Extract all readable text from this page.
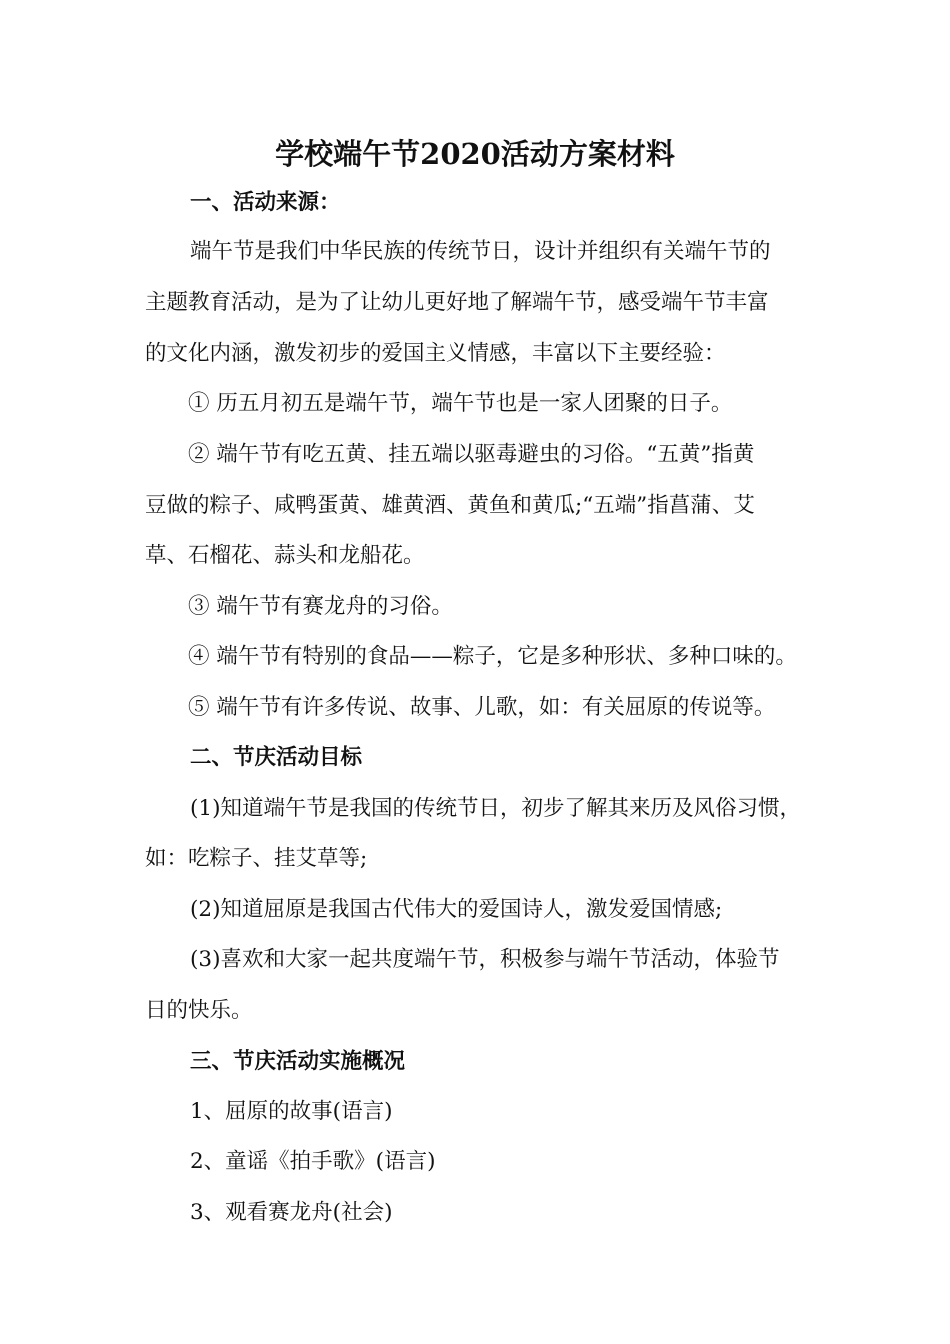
学校端午节2020活动方案材料
一、活动来源：
端午节是我们中华民族的传统节日，设计并组织有关端午节的
主题教育活动，是为了让幼儿更好地了解端午节，感受端午节丰富
的文化内涵，激发初步的爱国主义情感，丰富以下主要经验：
① 历五月初五是端午节，端午节也是一家人团聚的日子。
② 端午节有吃五黄、挂五端以驱毒避虫的习俗。“五黄”指黄
豆做的粽子、咸鸭蛋黄、雄黄酒、黄鱼和黄瓜;“五端”指菖蒲、艾
草、石榴花、蒜头和龙船花。
③ 端午节有赛龙舟的习俗。
④ 端午节有特别的食品——粽子，它是多种形状、多种口味的。
⑤ 端午节有许多传说、故事、儿歌，如：有关屈原的传说等。
二、节庆活动目标
(1)知道端午节是我国的传统节日，初步了解其来历及风俗习惯，
如：吃粽子、挂艾草等;
(2)知道屈原是我国古代伟大的爱国诗人，激发爱国情感;
(3)喜欢和大家一起共度端午节，积极参与端午节活动，体验节
日的快乐。
三、节庆活动实施概况
1、屈原的故事(语言)
2、童谣《拍手歌》(语言)
3、观看赛龙舟(社会)
